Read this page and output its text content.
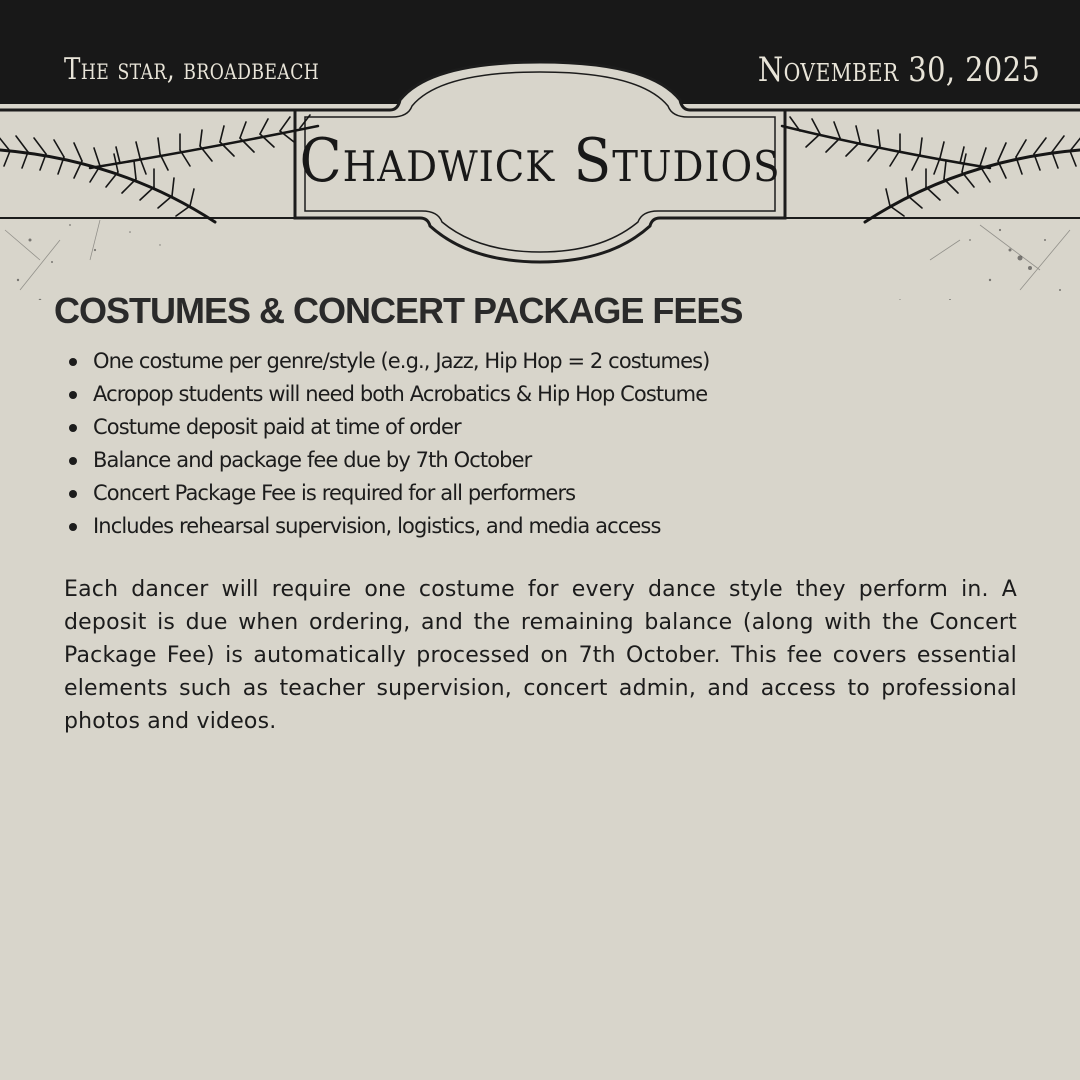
The star, broadbeach	November 30, 2025
Chadwick Studios
COSTUMES & CONCERT PACKAGE FEES
One costume per genre/style (e.g., Jazz, Hip Hop = 2 costumes)
Acropop students will need both Acrobatics & Hip Hop Costume
Costume deposit paid at time of order
Balance and package fee due by 7th October
Concert Package Fee is required for all performers
Includes rehearsal supervision, logistics, and media access

Each dancer will require one costume for every dance style they perform in. A deposit is due when ordering, and the remaining balance (along with the Concert Package Fee) is automatically processed on 7th October. This fee covers essential elements such as teacher supervision, concert admin, and access to professional photos and videos.
